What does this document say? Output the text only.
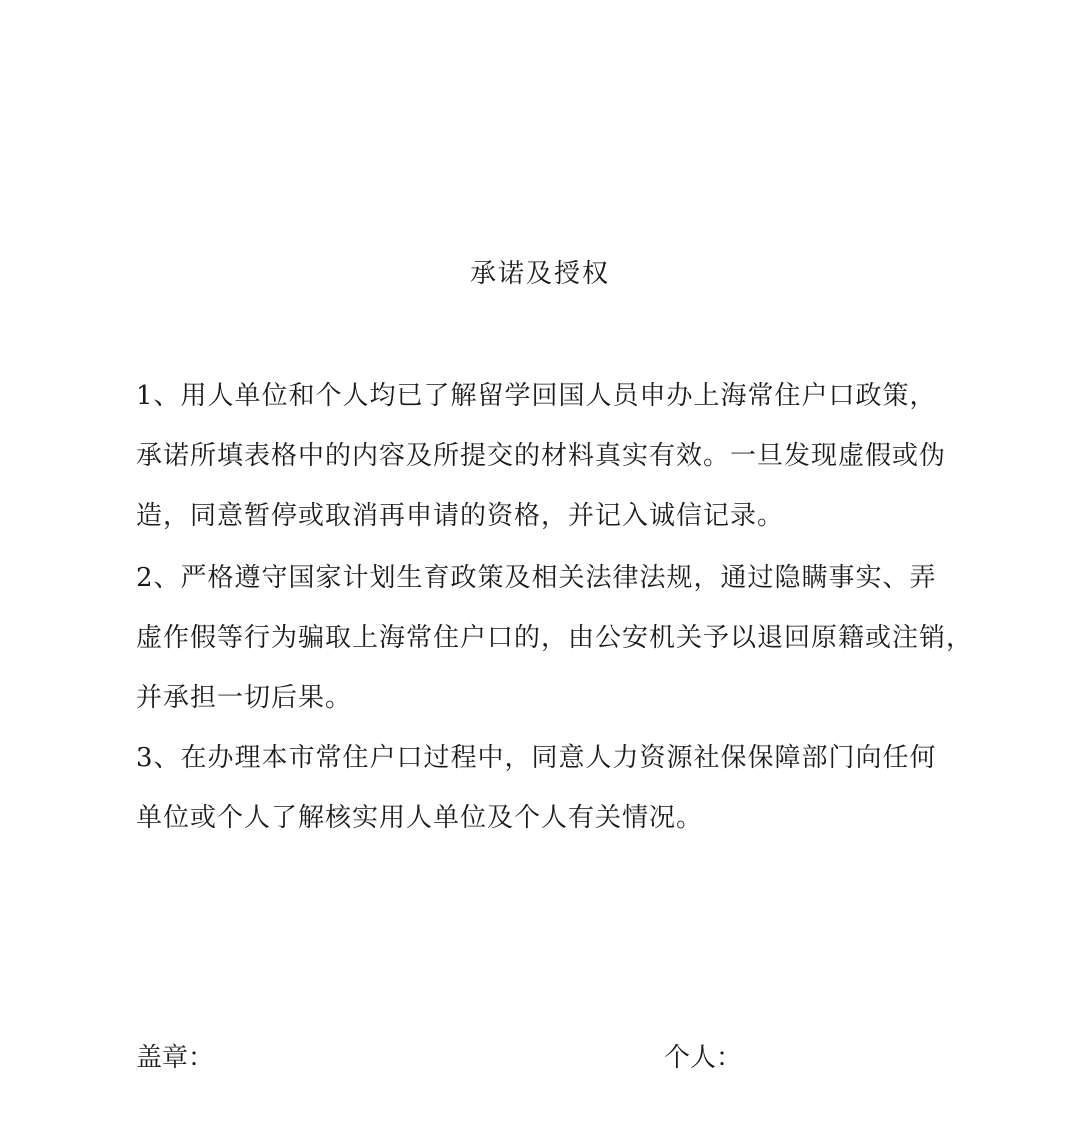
承诺及授权
1、用人单位和个人均已了解留学回国人员申办上海常住户口政策，
承诺所填表格中的内容及所提交的材料真实有效。一旦发现虚假或伪
造，同意暂停或取消再申请的资格，并记入诚信记录。
2、严格遵守国家计划生育政策及相关法律法规，通过隐瞒事实、弄
虚作假等行为骗取上海常住户口的，由公安机关予以退回原籍或注销，
并承担一切后果。
3、在办理本市常住户口过程中，同意人力资源社保保障部门向任何
单位或个人了解核实用人单位及个人有关情况。
盖章：	个人：
